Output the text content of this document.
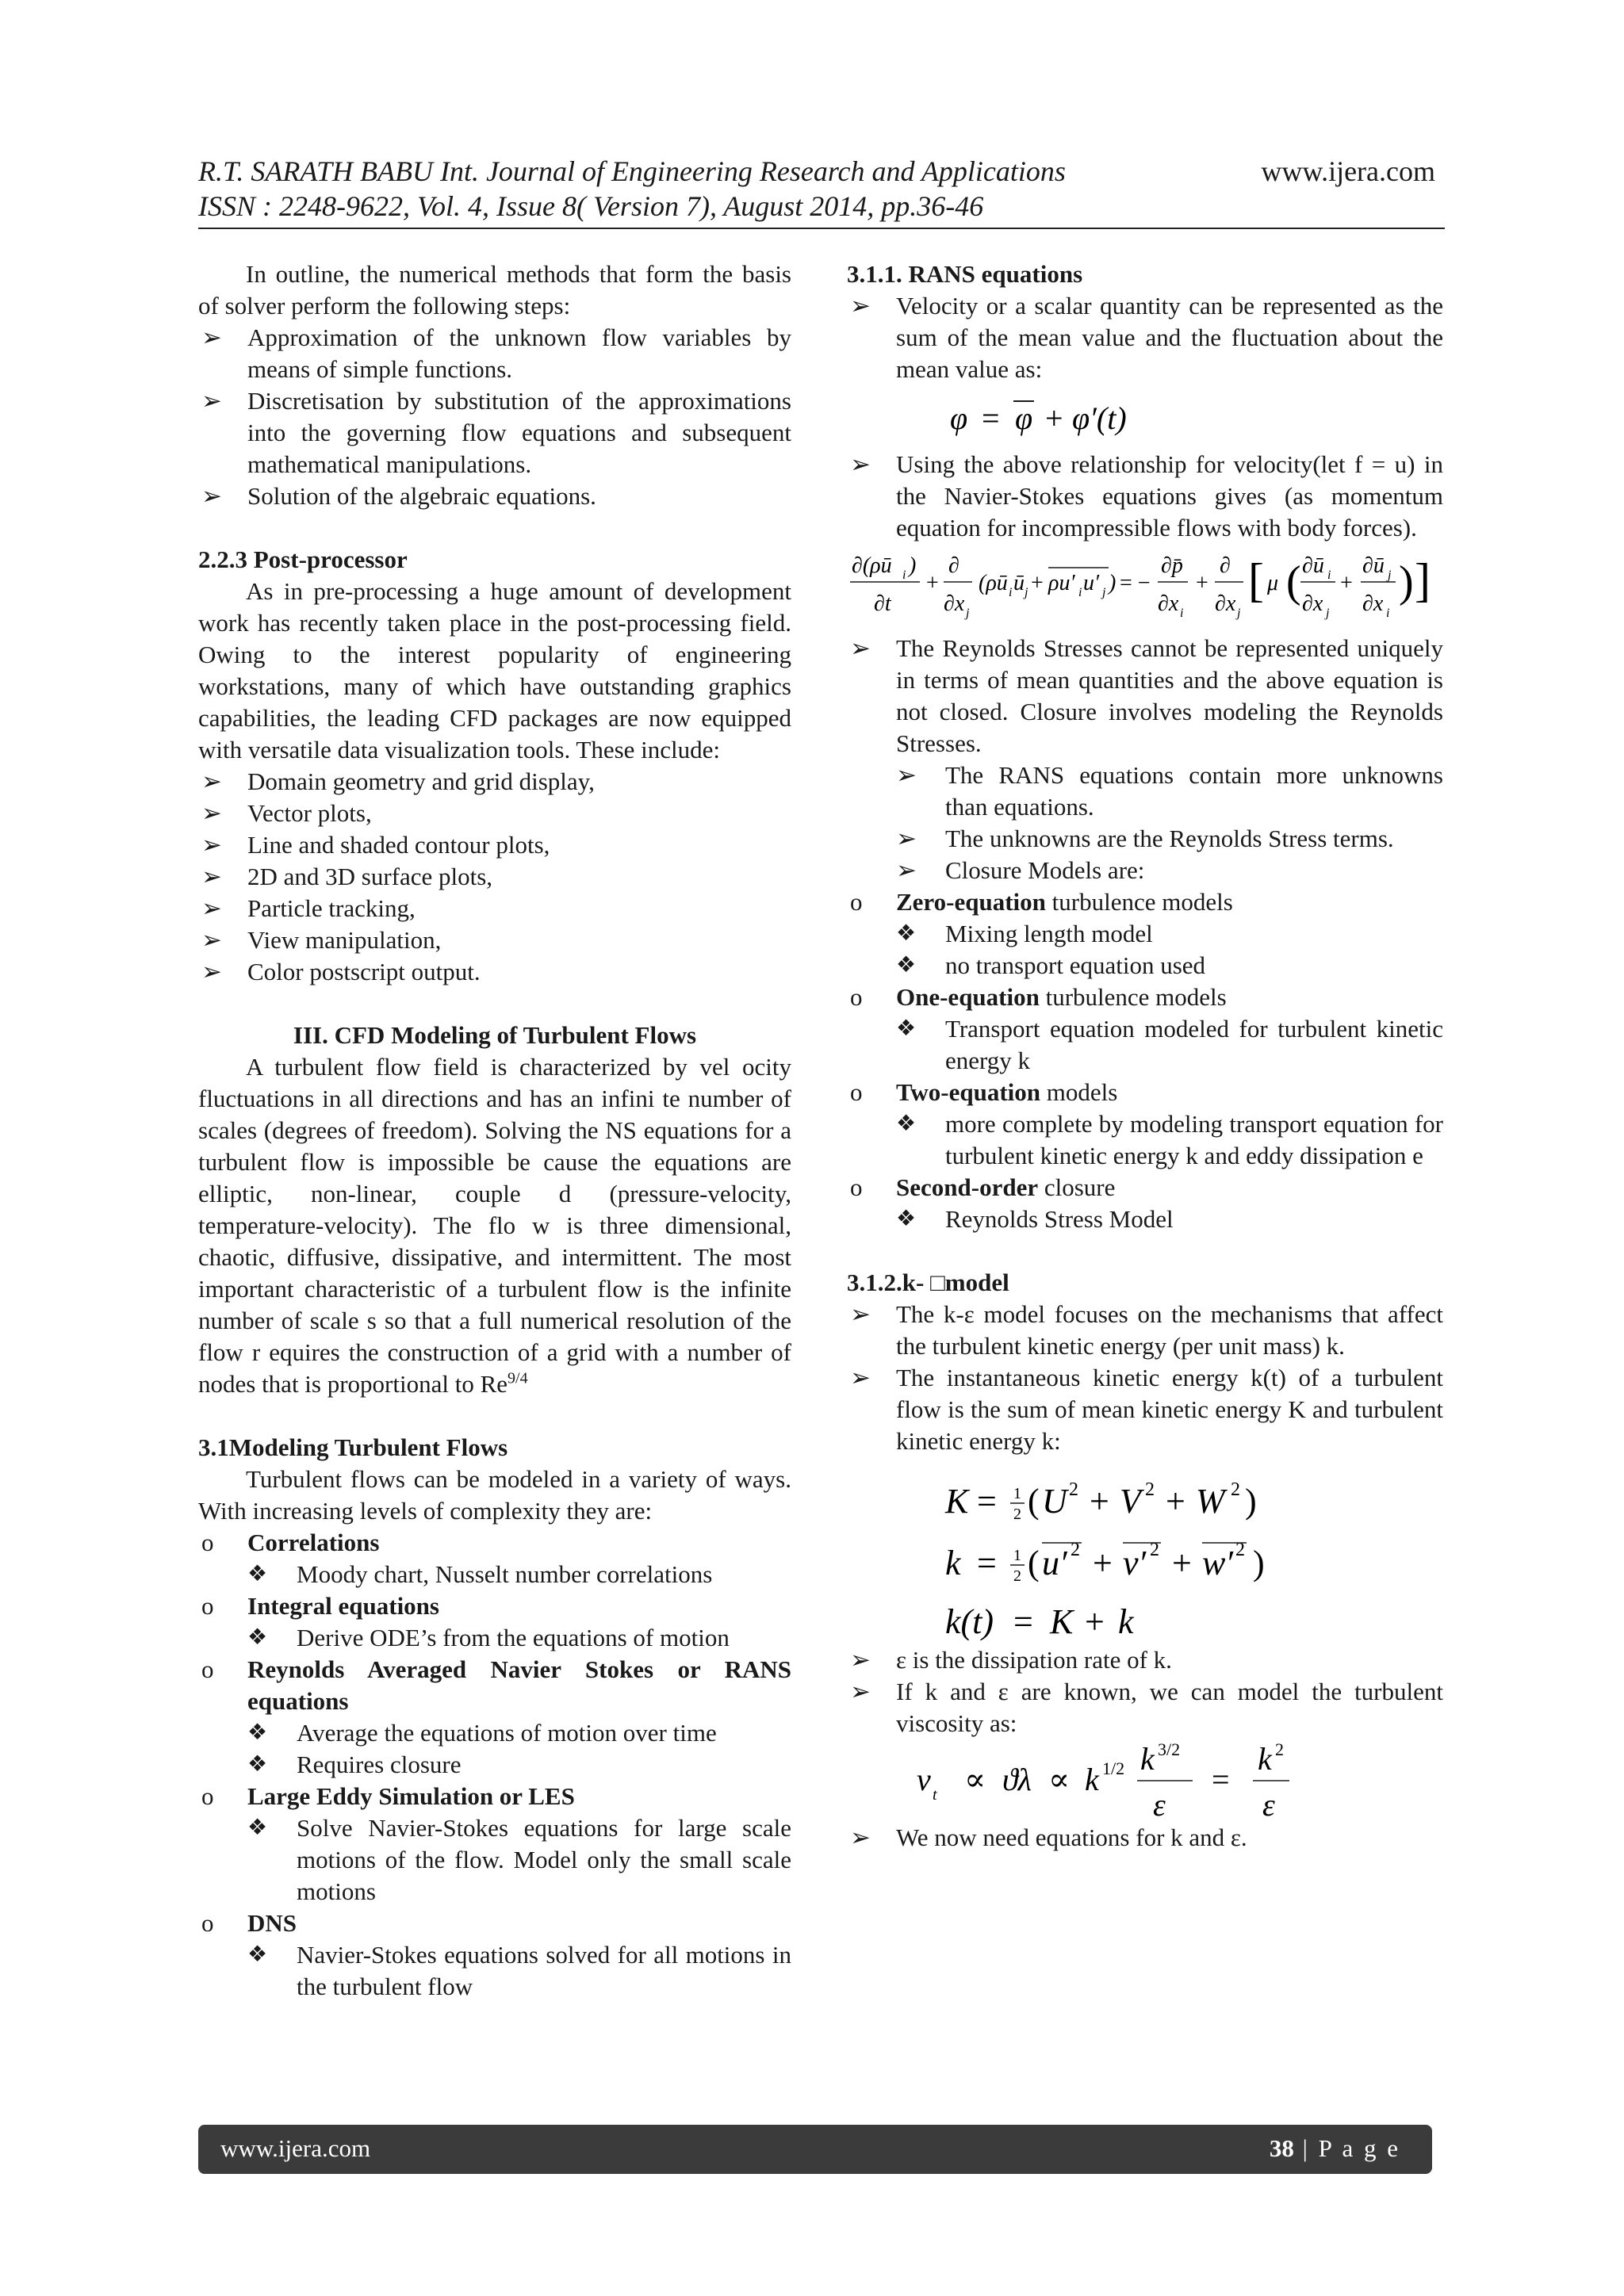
R.T. SARATH BABU Int. Journal of Engineering Research and Applications	www.ijera.com
ISSN : 2248-9622, Vol. 4, Issue 8( Version 7), August 2014, pp.36-46

In outline, the numerical methods that form the basis of solver perform the following steps:

➢ Approximation of the unknown flow variables by means of simple functions.
➢ Discretisation by substitution of the approximations into the governing flow equations and subsequent mathematical manipulations.
➢ Solution of the algebraic equations.

2.2.3 Post-processor

As in pre-processing a huge amount of development work has recently taken place in the post-processing field. Owing to the interest popularity of engineering workstations, many of which have outstanding graphics capabilities, the leading CFD packages are now equipped with versatile data visualization tools. These include:

➢ Domain geometry and grid display,
➢ Vector plots,
➢ Line and shaded contour plots,
➢ 2D and 3D surface plots,
➢ Particle tracking,
➢ View manipulation,
➢ Color postscript output.

III. CFD Modeling of Turbulent Flows

A turbulent flow field is characterized by vel ocity fluctuations in all directions and has an infini te number of scales (degrees of freedom). Solving the NS equations for a turbulent flow is impossible be cause the equations are elliptic, non-linear, couple d (pressure-velocity, temperature-velocity). The flo w is three dimensional, chaotic, diffusive, dissipative, and intermittent. The most important characteristic of a turbulent flow is the infinite number of scale s so that a full numerical resolution of the flow r equires the construction of a grid with a number of nodes that is proportional to $Re^{9/4}$

3.1Modeling Turbulent Flows

Turbulent flows can be modeled in a variety of ways. With increasing levels of complexity they are:

o Correlations
❖ Moody chart, Nusselt number correlations
o Integral equations
❖ Derive ODE’s from the equations of motion
o Reynolds Averaged Navier Stokes or RANS equations
❖ Average the equations of motion over time
❖ Requires closure
o Large Eddy Simulation or LES
❖ Solve Navier-Stokes equations for large scale motions of the flow. Model only the small scale motions
o DNS
❖ Navier-Stokes equations solved for all motions in the turbulent flow

3.1.1. RANS equations

➢ Velocity or a scalar quantity can be represented as the sum of the mean value and the fluctuation about the mean value as:
φ = φ + φ′(t)
➢ Using the above relationship for velocity(let f = u) in the Navier-Stokes equations gives (as momentum equation for incompressible flows with body forces).
∂(ρū i )
∂t
+
∂
∂x j
(ρū i ū j + ρu′ i u′ j ) = −
∂p̄
∂x i
+
∂
∂x j
[ μ ( ∂ū i
∂x j
+
∂ū j
∂x i
) ]
➢ The Reynolds Stresses cannot be represented uniquely in terms of mean quantities and the above equation is not closed. Closure involves modeling the Reynolds Stresses.
➢ The RANS equations contain more unknowns than equations.
➢ The unknowns are the Reynolds Stress terms.
➢ Closure Models are:
o Zero-equation turbulence models
❖ Mixing length model
❖ no transport equation used
o One-equation turbulence models
❖ Transport equation modeled for turbulent kinetic energy k
o Two-equation models
❖ more complete by modeling transport equation for turbulent kinetic energy k and eddy dissipation e
o Second-order closure
❖ Reynolds Stress Model

3.1.2.k- □model

➢ The k-ε model focuses on the mechanisms that affect the turbulent kinetic energy (per unit mass) k.
➢ The instantaneous kinetic energy k(t) of a turbulent flow is the sum of mean kinetic energy K and turbulent kinetic energy k:
K = 1
2 ( U 2 + V 2 + W 2 )
k = 1
2 ( u′ 2 + v′ 2 + w′ 2 )
k(t) = K + k
➢ ε is the dissipation rate of k.
➢ If k and ε are known, we can model the turbulent viscosity as:
ν t ∝ ϑλ ∝ k 1/2 k 3/2
ε
=
k 2
ε
➢ We now need equations for k and ε.
www.ijera.com	38 | P a g e
